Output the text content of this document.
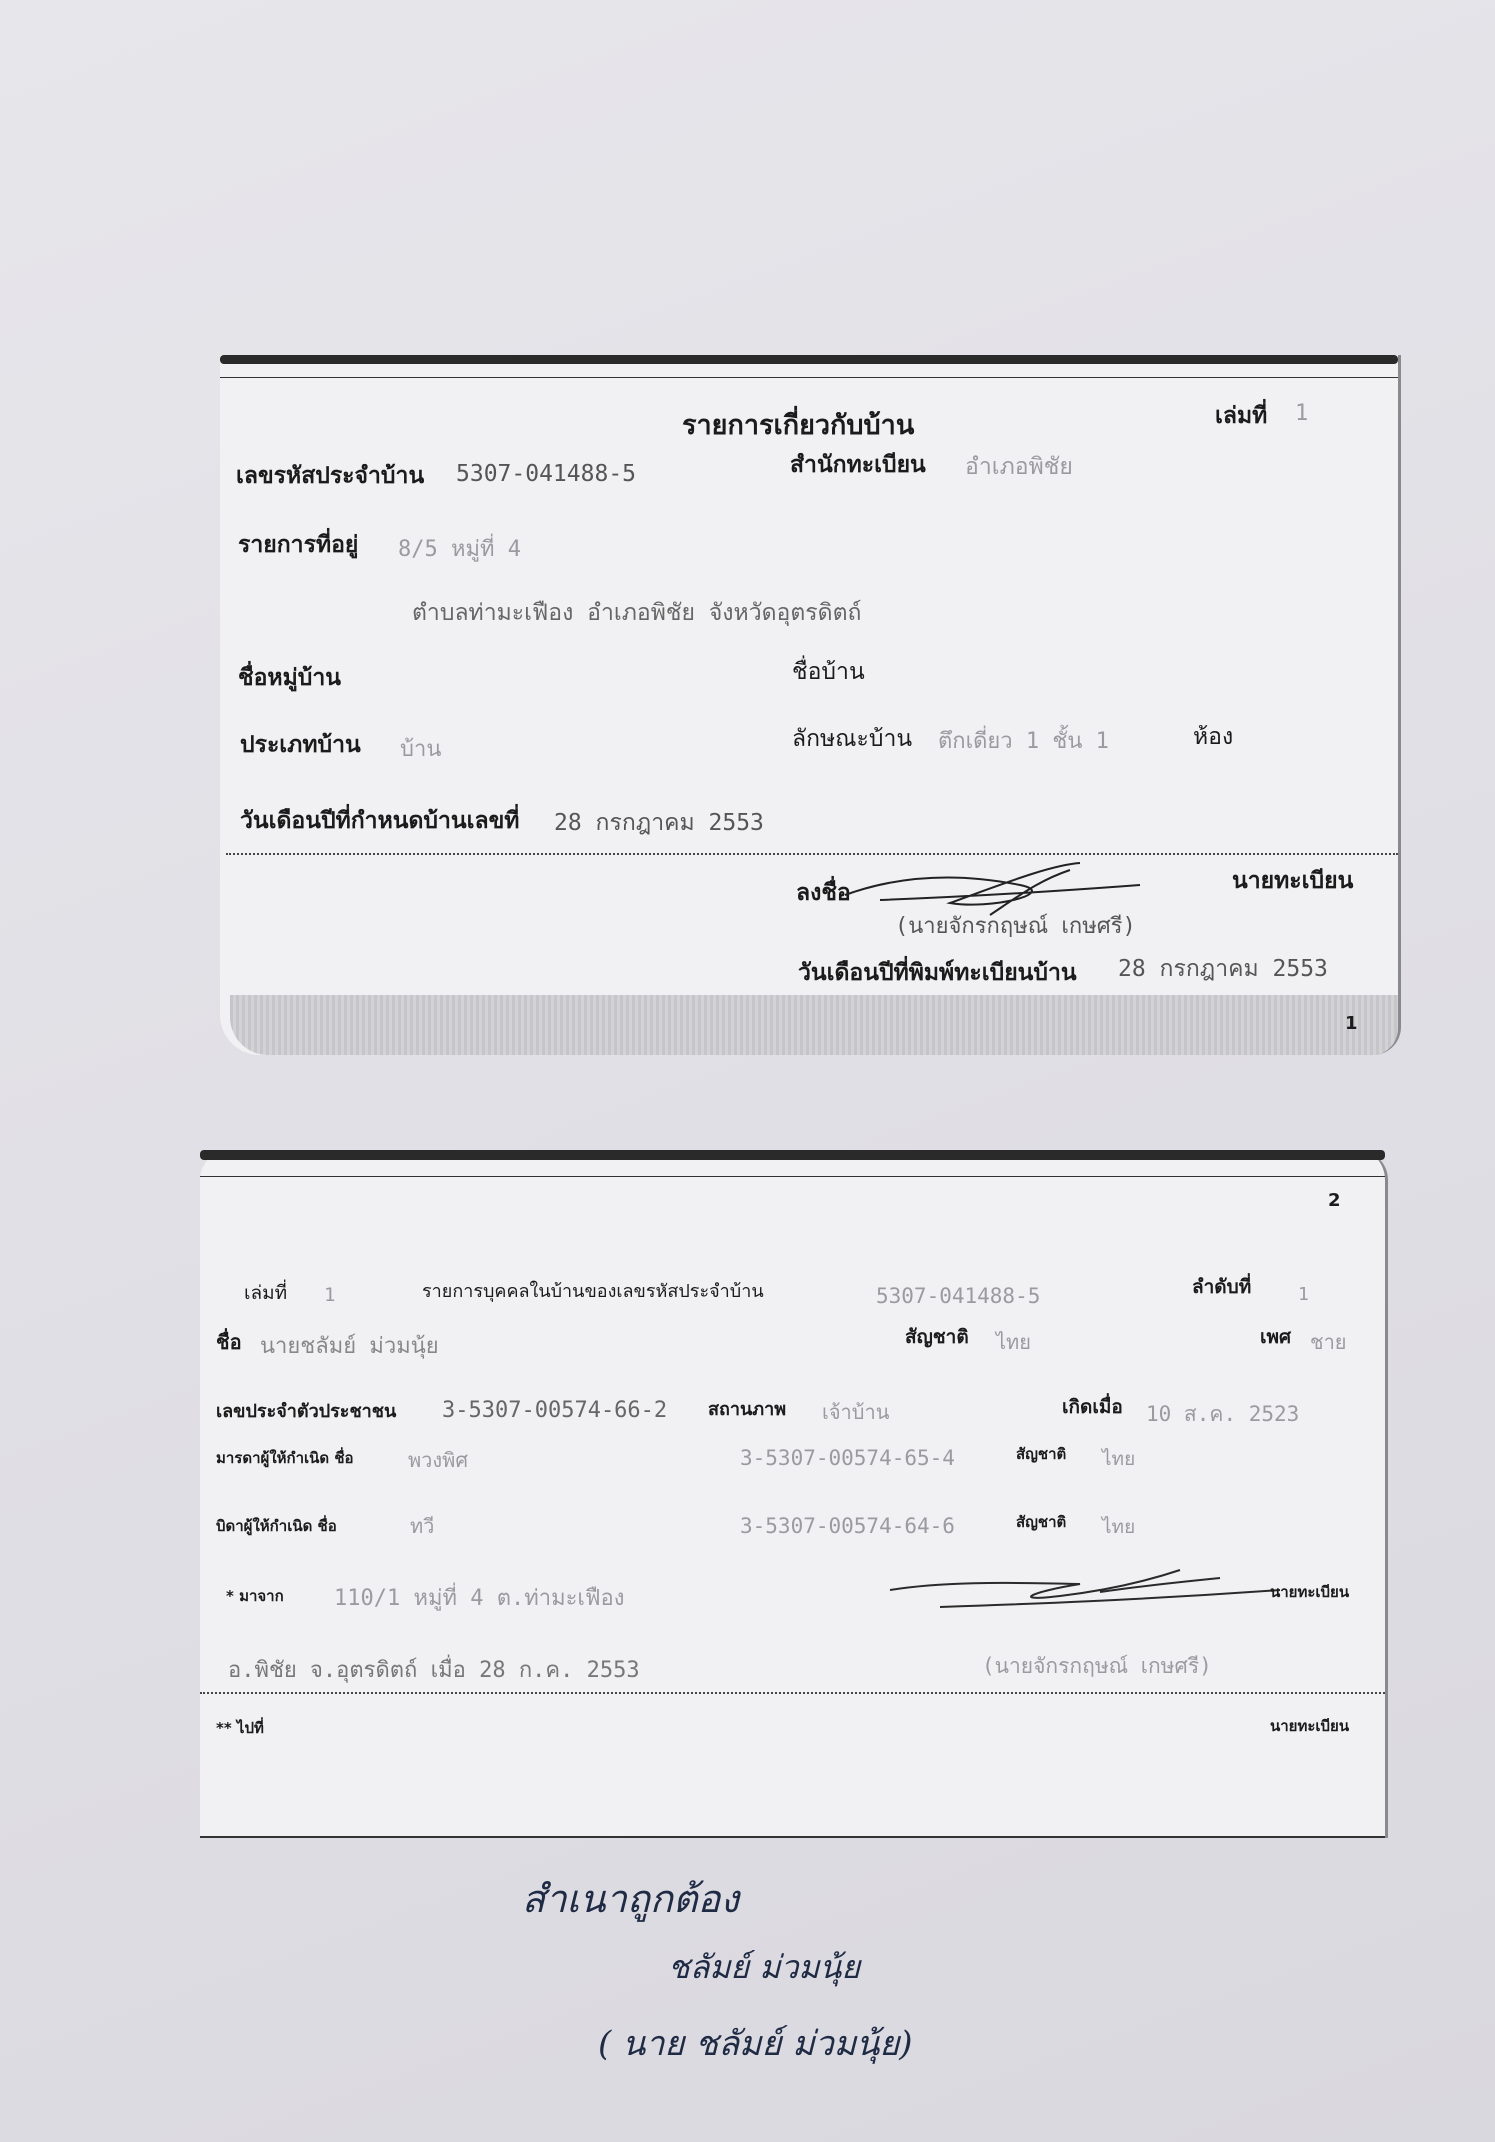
รายการเกี่ยวกับบ้าน	เล่มที่ 1
เลขรหัสประจำบ้าน 5307-041488-5	สำนักทะเบียน อำเภอพิชัย
รายการที่อยู่ 8/5 หมู่ที่ 4
ตำบลท่ามะเฟือง อำเภอพิชัย จังหวัดอุตรดิตถ์
ชื่อหมู่บ้าน	ชื่อบ้าน
ประเภทบ้าน บ้าน	ลักษณะบ้าน ตึกเดี่ยว 1 ชั้น 1	ห้อง
วันเดือนปีที่กำหนดบ้านเลขที่ 28 กรกฎาคม 2553
ลงชื่อ	นายทะเบียน
(นายจักรกฤษณ์ เกษศรี)
วันเดือนปีที่พิมพ์ทะเบียนบ้าน 28 กรกฎาคม 2553
1
2
เล่มที่ 1	รายการบุคคลในบ้านของเลขรหัสประจำบ้าน	5307-041488-5	ลำดับที่	1
ชื่อ นายชลัมย์ ม่วมนุ้ย	สัญชาติ ไทย	เพศ ชาย
เลขประจำตัวประชาชน 3-5307-00574-66-2 สถานภาพ เจ้าบ้าน	เกิดเมื่อ 10 ส.ค. 2523
มารดาผู้ให้กำเนิด ชื่อ	พวงพิศ	3-5307-00574-65-4	สัญชาติ ไทย
บิดาผู้ให้กำเนิด ชื่อ	ทวี	3-5307-00574-64-6	สัญชาติ ไทย
* มาจาก 110/1 หมู่ที่ 4 ต.ท่ามะเฟือง	นายทะเบียน
อ.พิชัย จ.อุตรดิตถ์ เมื่อ 28 ก.ค. 2553	(นายจักรกฤษณ์ เกษศรี)
** ไปที่	นายทะเบียน
สำเนาถูกต้อง
ชลัมย์ ม่วมนุ้ย
( นาย ชลัมย์ ม่วมนุ้ย)
